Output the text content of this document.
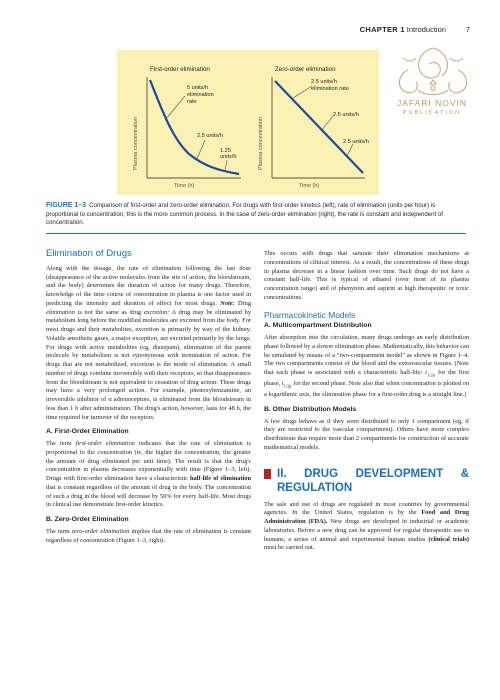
CHAPTER 1 Introduction	7
JAFARI NOVIN
PUBLICATION
First-order elimination
Plasma concentration
Time (h)
5 units/h
elimination
rate
2.5 units/h
1.25
units/h
Zero-order elimination
Plasma concentration
Time (h)
2.5 units/h
elimination rate
2.5 units/h
2.5 units/h
FIGURE 1–3 Comparison of first-order and zero-order elimination. For drugs with first-order kinetics (left), rate of elimination (units per hour) is proportional to concentration; this is the more common process. In the case of zero-order elimination (right), the rate is constant and independent of concentration.
Elimination of Drugs

Along with the dosage, the rate of elimination following the last dose (disappearance of the active molecules from the site of action, the bloodstream, and the body) determines the duration of action for many drugs. Therefore, knowledge of the time course of concentration in plasma is one factor used in predicting the intensity and duration of effect for most drugs. Note: Drug elimination is not the same as drug excretion: A drug may be eliminated by metabolism long before the modified molecules are excreted from the body. For most drugs and their metabolites, excretion is primarily by way of the kidney. Volatile anesthetic gases, a major exception, are excreted primarily by the lungs. For drugs with active metabolites (eg, diazepam), elimination of the parent molecule by metabolism is not synonymous with termination of action. For drugs that are not metabolized, excretion is the mode of elimination. A small number of drugs combine irreversibly with their receptors, so that disappearance from the bloodstream is not equivalent to cessation of drug action: These drugs may have a very prolonged action. For example, phenoxybenzamine, an irreversible inhibitor of α adrenoceptors, is eliminated from the bloodstream in less than 1 h after administration. The drug's action, however, lasts for 48 h, the time required for turnover of the receptors.

A. First-Order Elimination

The term first-order elimination indicates that the rate of elimination is proportional to the concentration (ie, the higher the concentration, the greater the amount of drug eliminated per unit time). The result is that the drug's concentration in plasma decreases exponentially with time (Figure 1–3, left). Drugs with first-order elimination have a characteristic half-life of elimination that is constant regardless of the amount of drug in the body. The concentration of such a drug in the blood will decrease by 50% for every half-life. Most drugs in clinical use demonstrate first-order kinetics.

B. Zero-Order Elimination

The term zero-order elimination implies that the rate of elimination is constant regardless of concentration (Figure 1–3, right).

This occurs with drugs that saturate their elimination mechanisms at concentrations of clinical interest. As a result, the concentrations of these drugs in plasma decrease in a linear fashion over time. Such drugs do not have a constant half-life. This is typical of ethanol (over most of its plasma concentration range) and of phenytoin and aspirin at high therapeutic or toxic concentrations.

Pharmacokinetic Models
A. Multicompartment Distribution

After absorption into the circulation, many drugs undergo an early distribution phase followed by a slower elimination phase. Mathematically, this behavior can be simulated by means of a "two-compartment model" as shown in Figure 1–4. The two compartments consist of the blood and the extravascular tissues. (Note that each phase is associated with a characteristic half-life: $t_{1/2\alpha}$ for the first phase, $t_{1/2\beta}$ for the second phase. Note also that when concentration is plotted on a logarithmic axis, the elimination phase for a first-order drug is a straight line.)

B. Other Distribution Models

A few drugs behave as if they were distributed to only 1 compartment (eg, if they are restricted to the vascular compartment). Others have more complex distributions that require more than 2 compartments for construction of accurate mathematical models.

II. DRUG DEVELOPMENT & REGULATION

The sale and use of drugs are regulated in most countries by governmental agencies. In the United States, regulation is by the Food and Drug Administration (FDA). New drugs are developed in industrial or academic laboratories. Before a new drug can be approved for regular therapeutic use in humans, a series of animal and experimental human studies (clinical trials) must be carried out.
